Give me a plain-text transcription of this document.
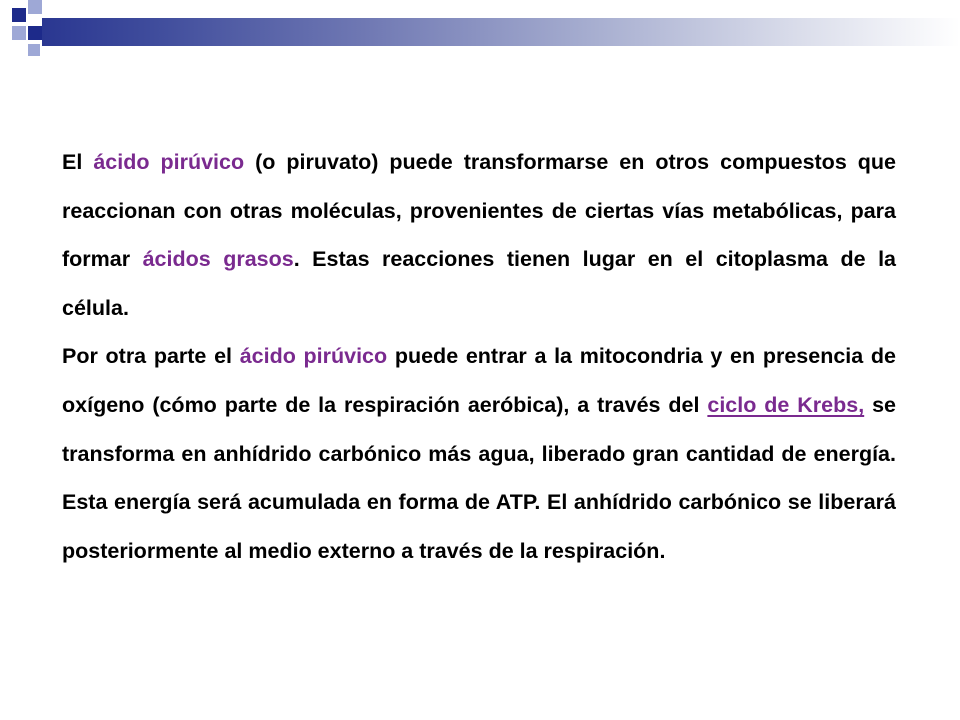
El ácido pirúvico (o piruvato) puede transformarse en otros compuestos que reaccionan con otras moléculas, provenientes de ciertas vías metabólicas, para formar ácidos grasos. Estas reacciones tienen lugar en el citoplasma de la célula.

Por otra parte el ácido pirúvico puede entrar a la mitocondria y en presencia de oxígeno (cómo parte de la respiración aeróbica), a través del ciclo de Krebs, se transforma en anhídrido carbónico más agua, liberado gran cantidad de energía. Esta energía será acumulada en forma de ATP. El anhídrido carbónico se liberará posteriormente al medio externo a través de la respiración.
